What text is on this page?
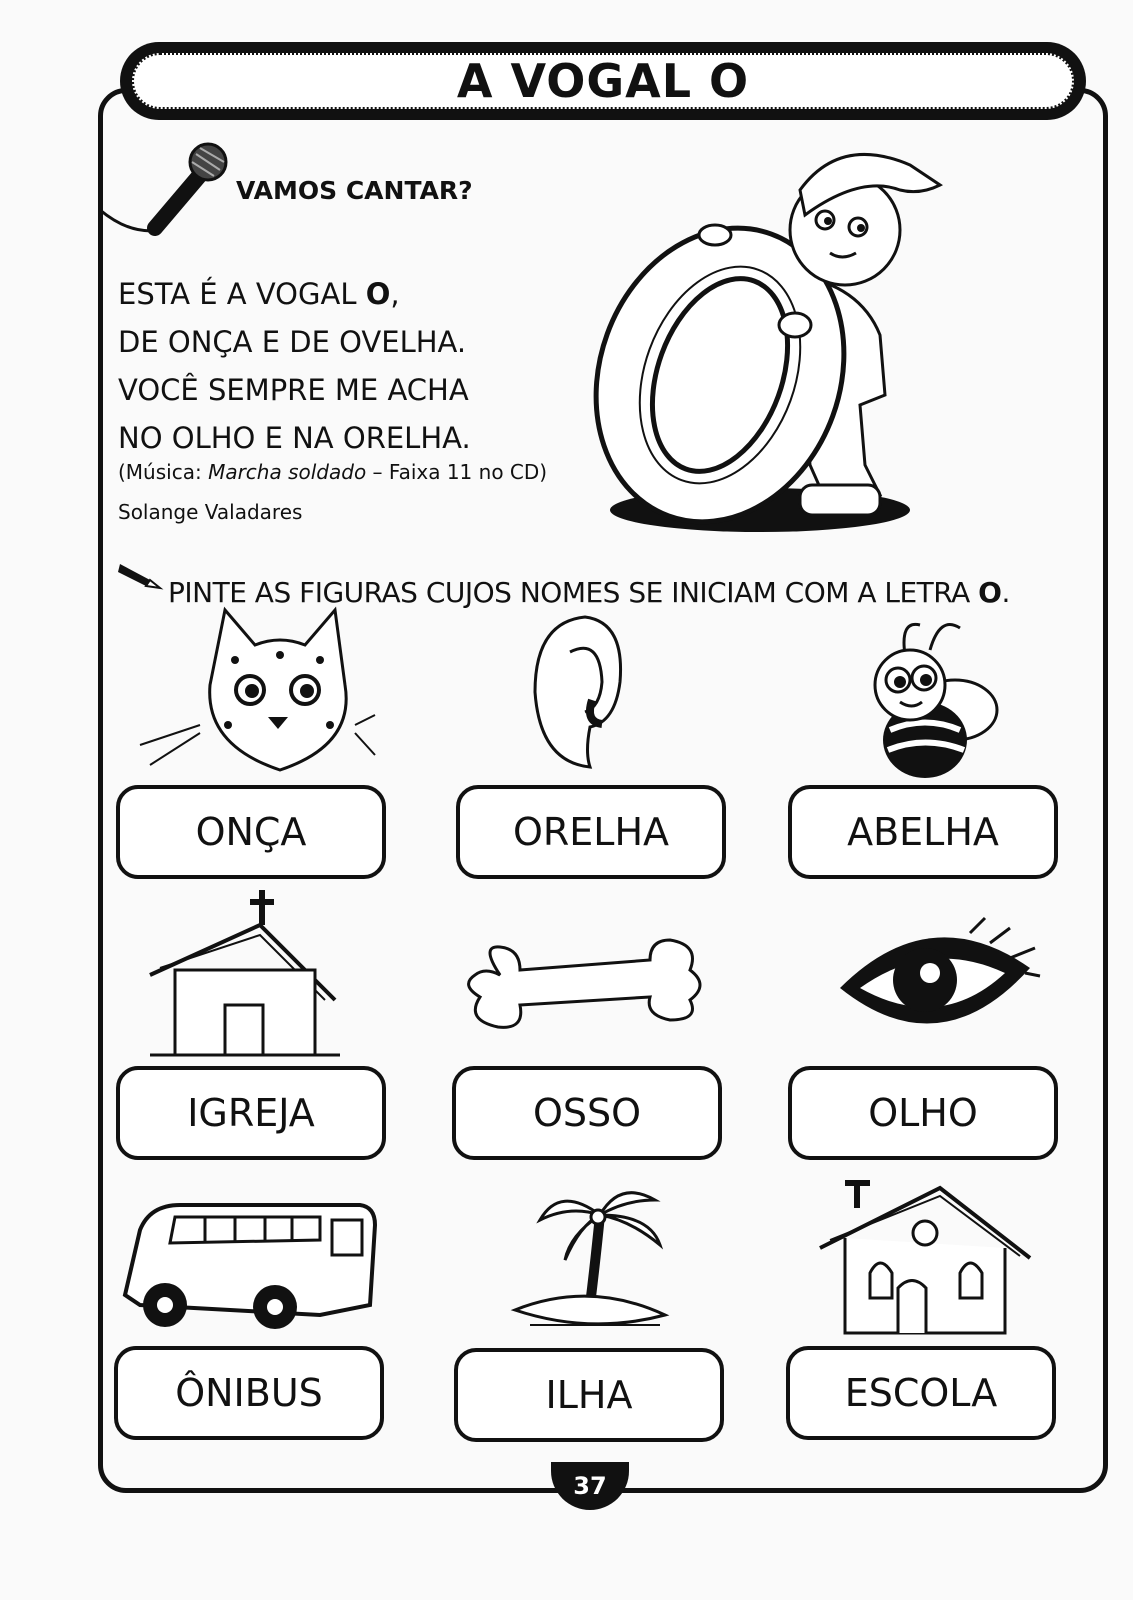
A VOGAL O
VAMOS CANTAR?
ESTA É A VOGAL O,
DE ONÇA E DE OVELHA.
VOCÊ SEMPRE ME ACHA
NO OLHO E NA ORELHA.
(Música: Marcha soldado – Faixa 11 no CD)
Solange Valadares
PINTE AS FIGURAS CUJOS NOMES SE INICIAM COM A LETRA O.
ONÇA	ORELHA	ABELHA
IGREJA	OSSO	OLHO
ÔNIBUS	ILHA	ESCOLA
37
